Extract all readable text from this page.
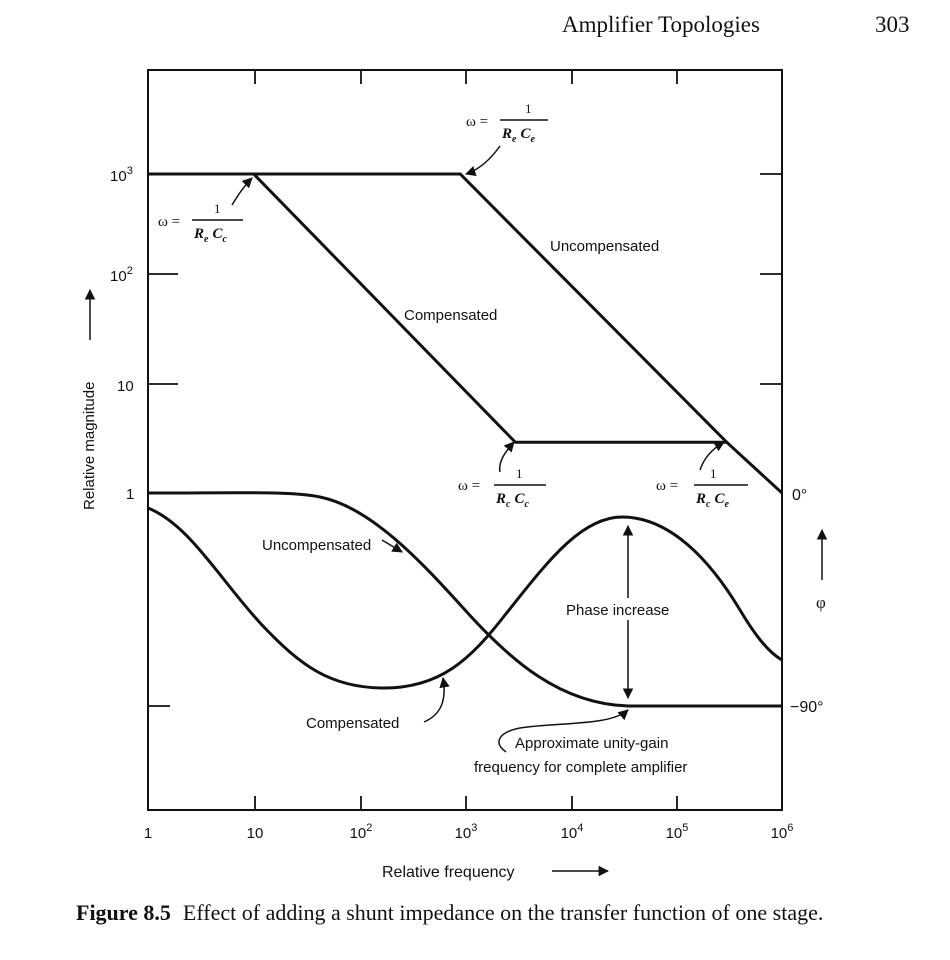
Amplifier Topologies	303
$10^3$
$10^2$
10
1
1	10	$10^2$	$10^3$	$10^4$	$10^5$	$10^6$
0°
−90°
Relative magnitude
Relative frequency
φ
Uncompensated
Compensated
Uncompensated
Compensated
Phase increase
Approximate unity-gain
frequency for complete amplifier
ω =
1
$R_e$ $C_e$
ω =
1
$R_e$ $C_c$
ω =
1
$R_c$ $C_c$
ω =
1
$R_c$ $C_e$
Figure 8.5 Effect of adding a shunt impedance on the transfer function of one stage.
